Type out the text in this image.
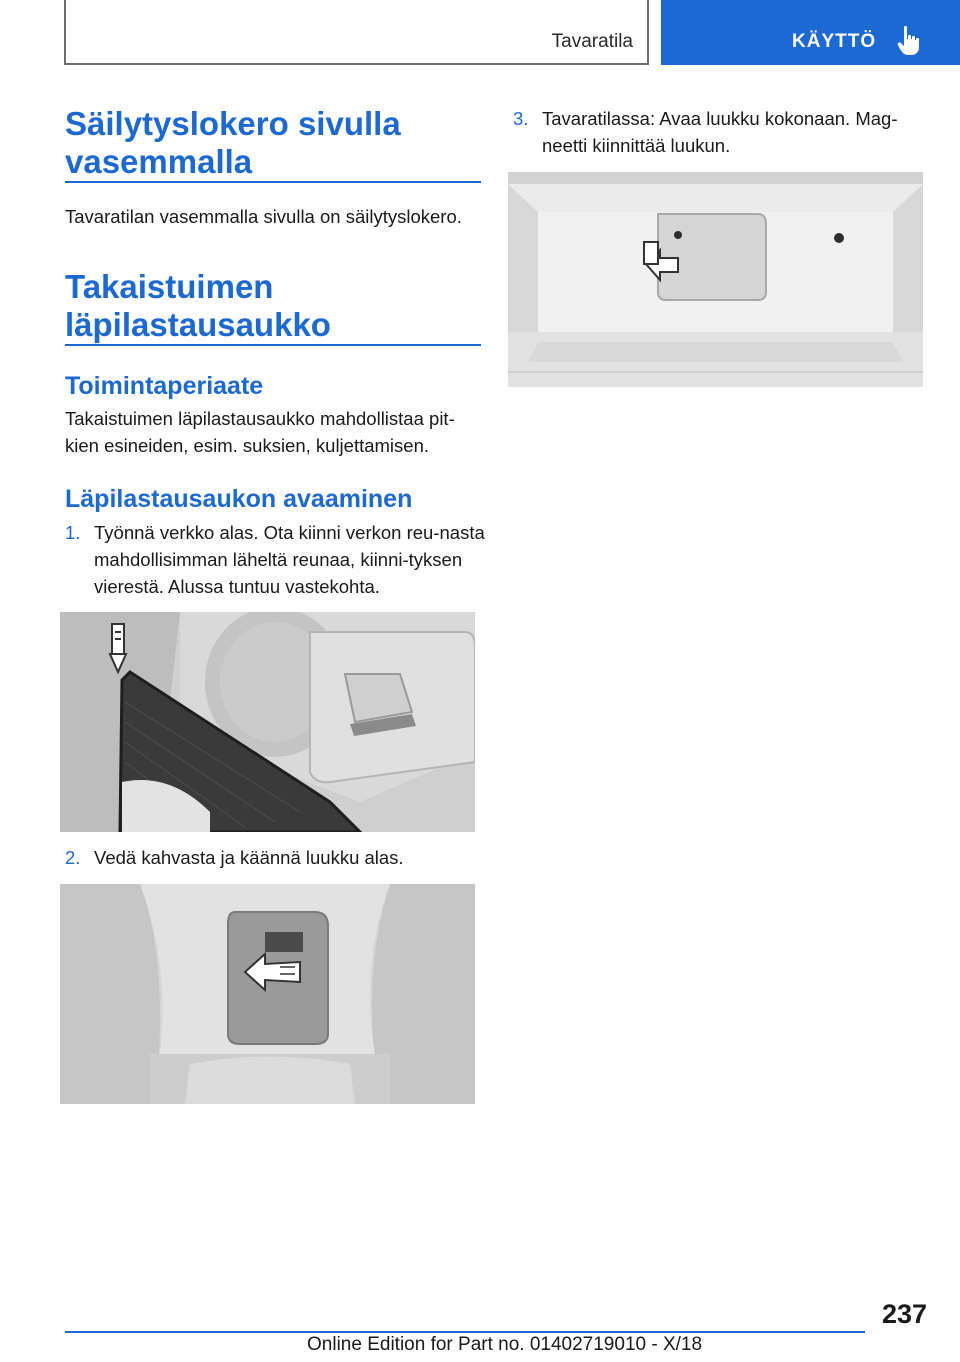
Tavaratila	KÄYTTÖ
Säilytyslokero sivulla vasemmalla
Tavaratilan vasemmalla sivulla on säilytyslokero.
Takaistuimen läpilastausaukko
Toimintaperiaate
Takaistuimen läpilastausaukko mahdollistaa pit-kien esineiden, esim. suksien, kuljettamisen.
Läpilastausaukon avaaminen
1. Työnnä verkko alas. Ota kiinni verkon reu-nasta mahdollisimman läheltä reunaa, kiinni-tyksen vierestä. Alussa tuntuu vastekohta.
2. Vedä kahvasta ja käännä luukku alas.
3. Tavaratilassa: Avaa luukku kokonaan. Mag-neetti kiinnittää luukun.
237
Online Edition for Part no. 01402719010 - X/18
